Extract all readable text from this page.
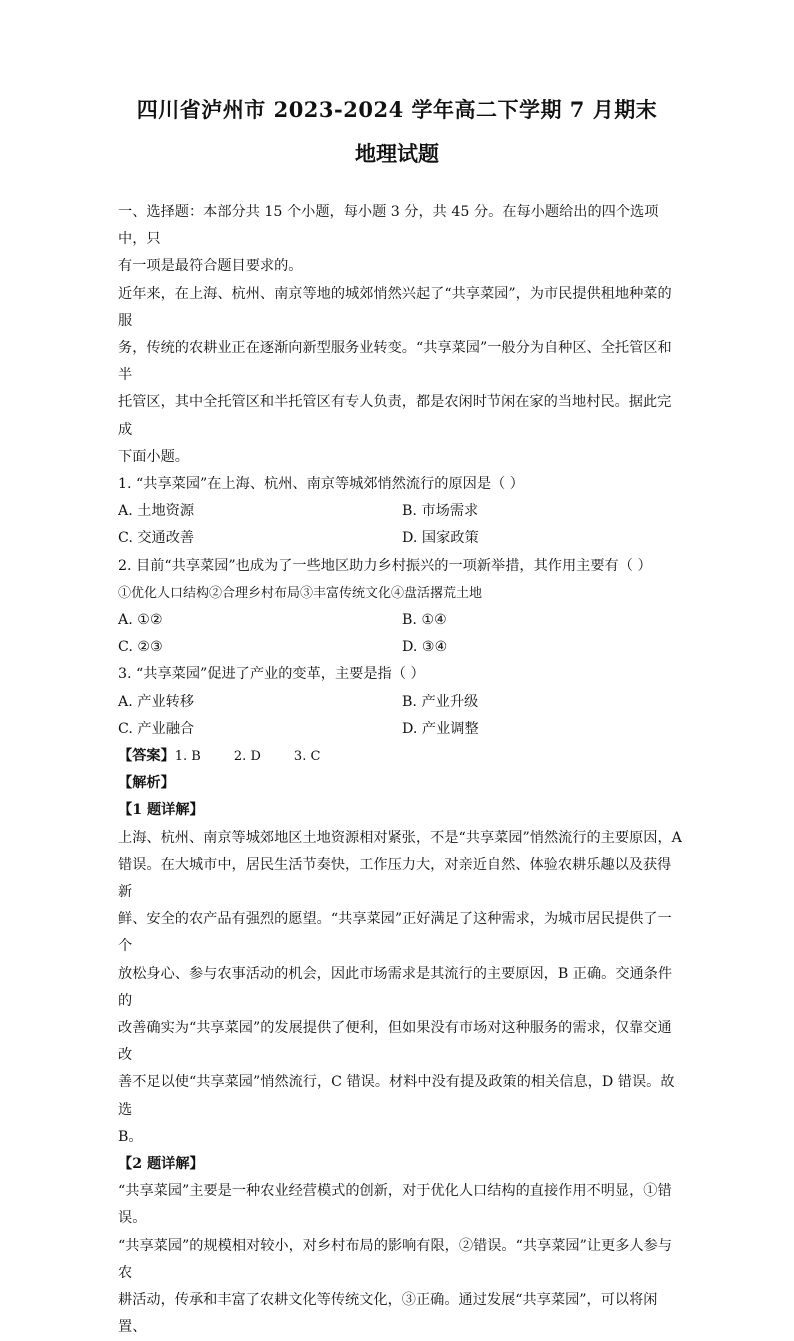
四川省泸州市 2023-2024 学年高二下学期 7 月期末
地理试题

一、选择题：本部分共 15 个小题，每小题 3 分，共 45 分。在每小题给出的四个选项中，只

有一项是最符合题目要求的。

近年来，在上海、杭州、南京等地的城郊悄然兴起了“共享菜园”，为市民提供租地种菜的服

务，传统的农耕业正在逐渐向新型服务业转变。“共享菜园”一般分为自种区、全托管区和半

托管区，其中全托管区和半托管区有专人负责，都是农闲时节闲在家的当地村民。据此完成

下面小题。

1. “共享菜园”在上海、杭州、南京等城郊悄然流行的原因是（ ）

A. 土地资源	B. 市场需求
C. 交通改善	D. 国家政策

2. 目前“共享菜园”也成为了一些地区助力乡村振兴的一项新举措，其作用主要有（ ）

①优化人口结构②合理乡村布局③丰富传统文化④盘活撂荒土地

A. ①②	B. ①④
C. ②③	D. ③④

3. “共享菜园”促进了产业的变革，主要是指（ ）

A. 产业转移	B. 产业升级
C. 产业融合	D. 产业调整

【答案】1. B        2. D        3. C

【解析】

【1 题详解】

上海、杭州、南京等城郊地区土地资源相对紧张，不是“共享菜园”悄然流行的主要原因，A

错误。在大城市中，居民生活节奏快，工作压力大，对亲近自然、体验农耕乐趣以及获得新

鲜、安全的农产品有强烈的愿望。“共享菜园”正好满足了这种需求，为城市居民提供了一个

放松身心、参与农事活动的机会，因此市场需求是其流行的主要原因，B 正确。交通条件的

改善确实为“共享菜园”的发展提供了便利，但如果没有市场对这种服务的需求，仅靠交通改

善不足以使“共享菜园”悄然流行，C 错误。材料中没有提及政策的相关信息，D 错误。故选

B。

【2 题详解】

“共享菜园”主要是一种农业经营模式的创新，对于优化人口结构的直接作用不明显，①错误。

“共享菜园”的规模相对较小，对乡村布局的影响有限，②错误。“共享菜园”让更多人参与农

耕活动，传承和丰富了农耕文化等传统文化，③正确。通过发展“共享菜园”，可以将闲置、
